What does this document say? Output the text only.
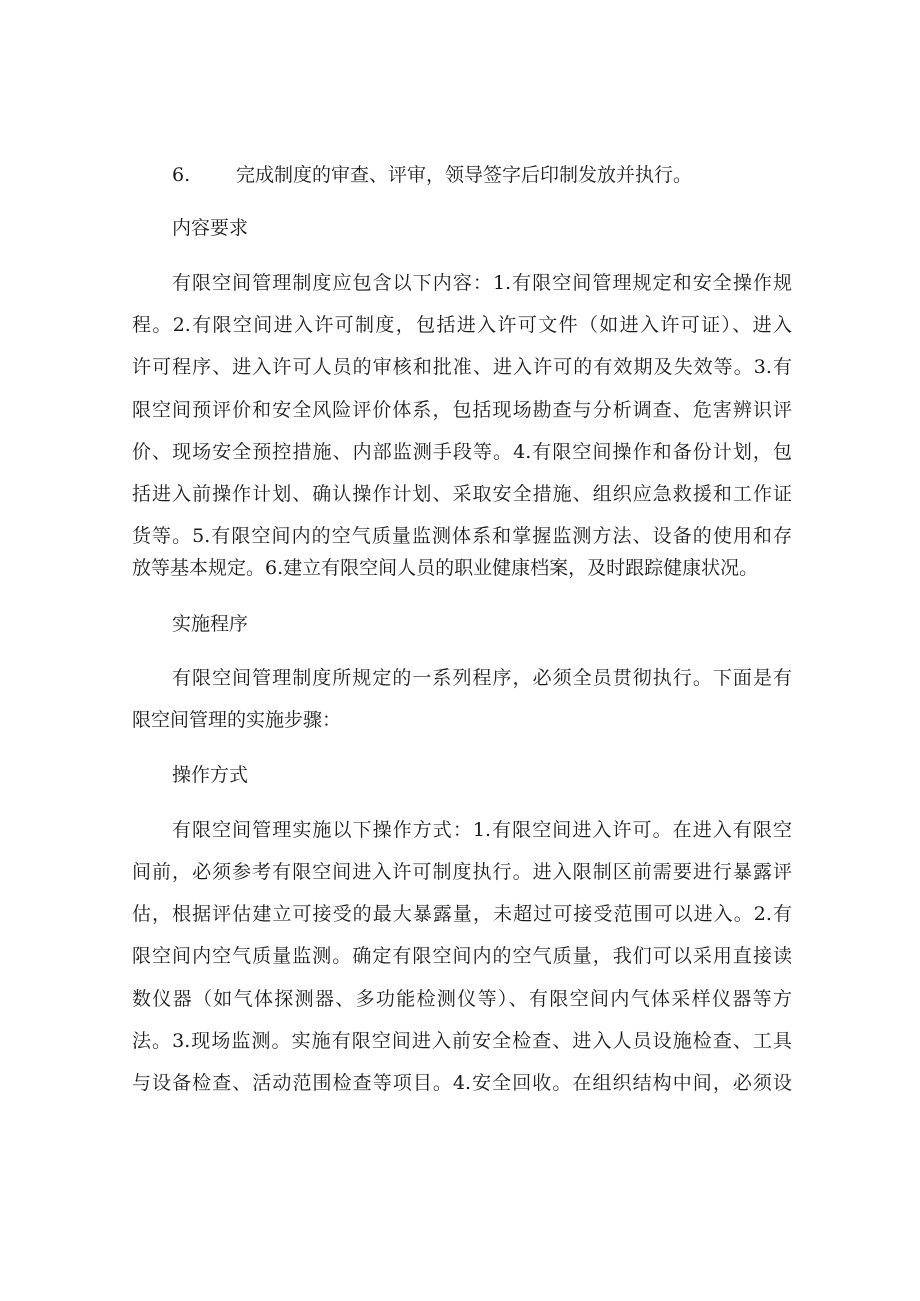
6. 完成制度的审查、评审，领导签字后印制发放并执行。
内容要求
有限空间管理制度应包含以下内容：1.有限空间管理规定和安全操作规
程。2.有限空间进入许可制度，包括进入许可文件（如进入许可证）、进入
许可程序、进入许可人员的审核和批准、进入许可的有效期及失效等。3.有
限空间预评价和安全风险评价体系，包括现场勘查与分析调查、危害辨识评
价、现场安全预控措施、内部监测手段等。4.有限空间操作和备份计划，包
括进入前操作计划、确认操作计划、采取安全措施、组织应急救援和工作证
货等。5.有限空间内的空气质量监测体系和掌握监测方法、设备的使用和存
放等基本规定。6.建立有限空间人员的职业健康档案，及时跟踪健康状况。
实施程序
有限空间管理制度所规定的一系列程序，必须全员贯彻执行。下面是有
限空间管理的实施步骤：
操作方式
有限空间管理实施以下操作方式：1.有限空间进入许可。在进入有限空
间前，必须参考有限空间进入许可制度执行。进入限制区前需要进行暴露评
估，根据评估建立可接受的最大暴露量，未超过可接受范围可以进入。2.有
限空间内空气质量监测。确定有限空间内的空气质量，我们可以采用直接读
数仪器（如气体探测器、多功能检测仪等）、有限空间内气体采样仪器等方
法。3.现场监测。实施有限空间进入前安全检查、进入人员设施检查、工具
与设备检查、活动范围检查等项目。4.安全回收。在组织结构中间，必须设
